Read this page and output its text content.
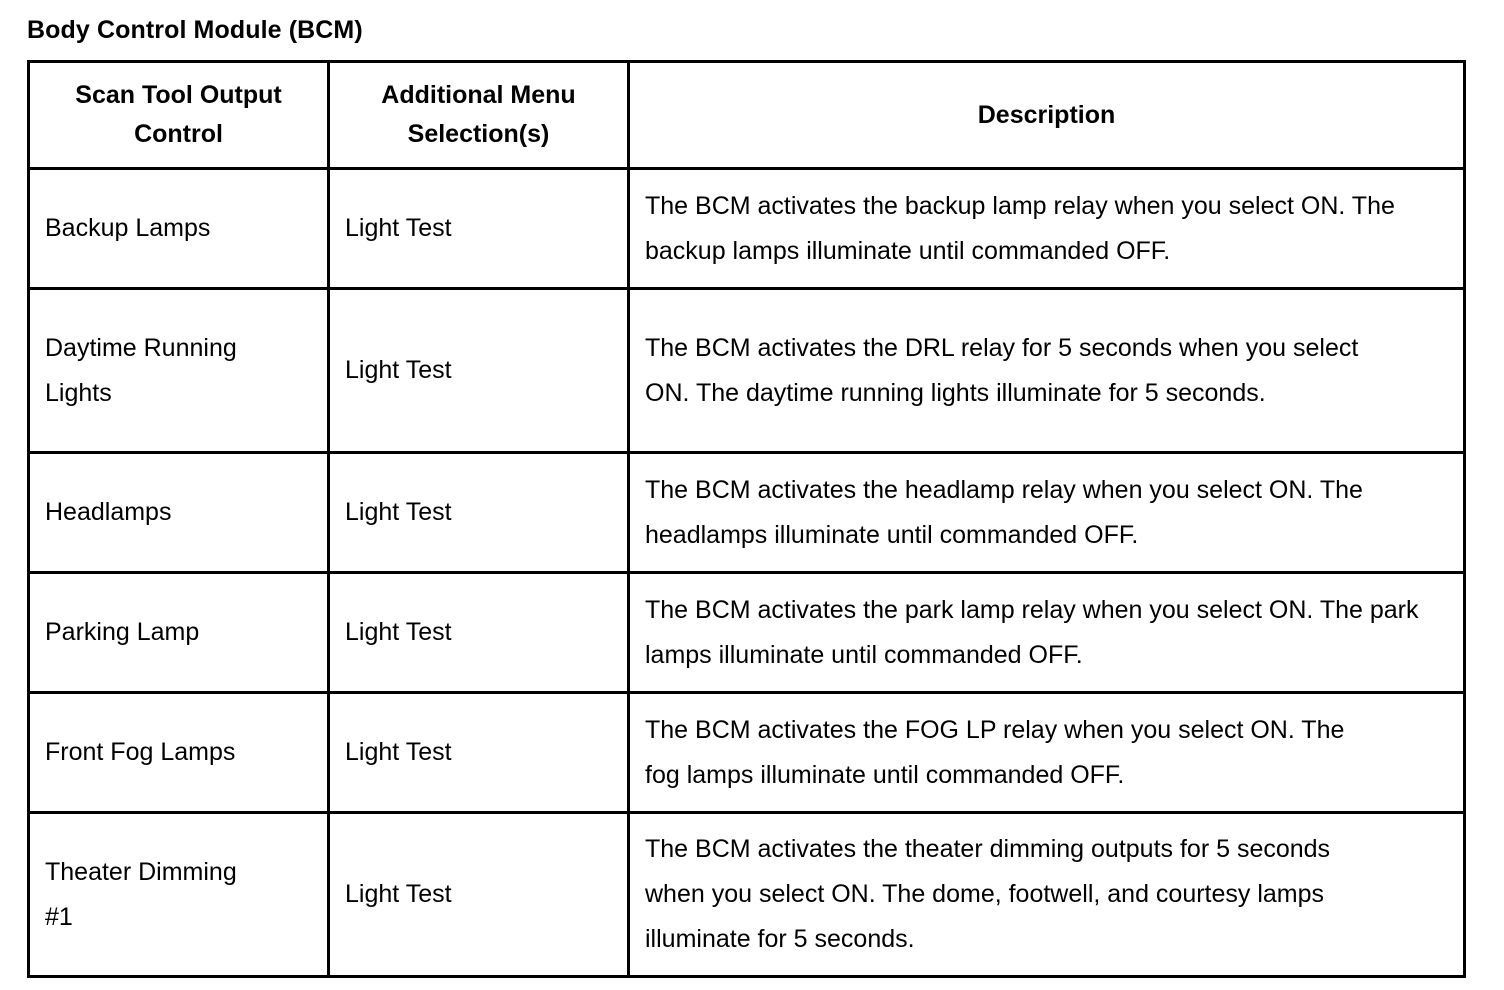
Body Control Module (BCM)
Scan Tool Output Control	Additional Menu Selection(s)	Description
Backup Lamps	Light Test	The BCM activates the backup lamp relay when you select ON. The backup lamps illuminate until commanded OFF.
Daytime Running Lights	Light Test	The BCM activates the DRL relay for 5 seconds when you select ON. The daytime running lights illuminate for 5 seconds.
Headlamps	Light Test	The BCM activates the headlamp relay when you select ON. The headlamps illuminate until commanded OFF.
Parking Lamp	Light Test	The BCM activates the park lamp relay when you select ON. The park lamps illuminate until commanded OFF.
Front Fog Lamps	Light Test	The BCM activates the FOG LP relay when you select ON. The fog lamps illuminate until commanded OFF.
Theater Dimming #1	Light Test	The BCM activates the theater dimming outputs for 5 seconds when you select ON. The dome, footwell, and courtesy lamps illuminate for 5 seconds.
